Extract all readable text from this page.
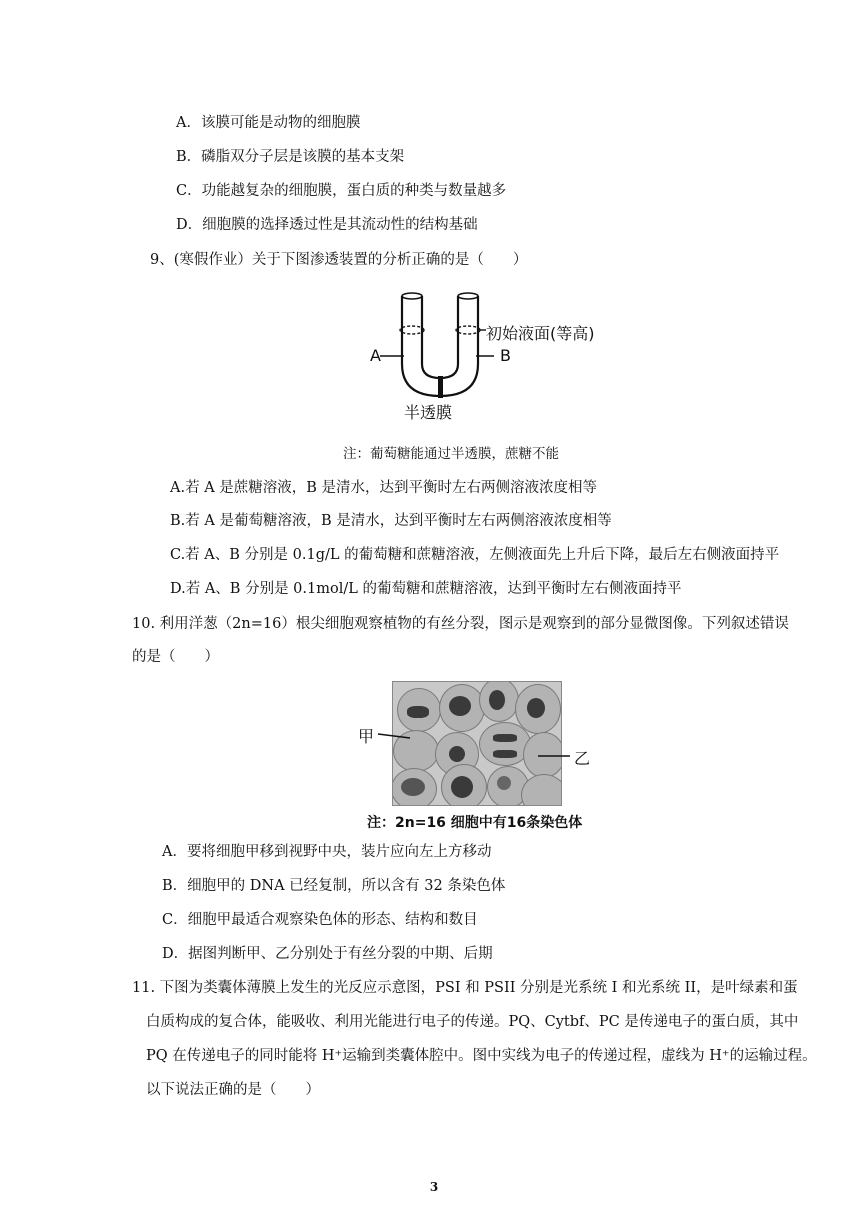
A．该膜可能是动物的细胞膜
B．磷脂双分子层是该膜的基本支架
C．功能越复杂的细胞膜，蛋白质的种类与数量越多
D．细胞膜的选择透过性是其流动性的结构基础
9、(寒假作业）关于下图渗透装置的分析正确的是（　　）
A	B
初始液面(等高)
半透膜
注：葡萄糖能通过半透膜，蔗糖不能
A.若 A 是蔗糖溶液，B 是清水，达到平衡时左右两侧溶液浓度相等
B.若 A 是葡萄糖溶液，B 是清水，达到平衡时左右两侧溶液浓度相等
C.若 A、B 分别是 0.1g/L 的葡萄糖和蔗糖溶液，左侧液面先上升后下降，最后左右侧液面持平
D.若 A、B 分别是 0.1mol/L 的葡萄糖和蔗糖溶液，达到平衡时左右侧液面持平
10. 利用洋葱（2n=16）根尖细胞观察植物的有丝分裂，图示是观察到的部分显微图像。下列叙述错误
的是（　　）
甲
乙
注：2n=16 细胞中有16条染色体
A．要将细胞甲移到视野中央，装片应向左上方移动
B．细胞甲的 DNA 已经复制，所以含有 32 条染色体
C．细胞甲最适合观察染色体的形态、结构和数目
D．据图判断甲、乙分别处于有丝分裂的中期、后期
11. 下图为类囊体薄膜上发生的光反应示意图，PSI 和 PSII 分别是光系统 I 和光系统 II，是叶绿素和蛋
白质构成的复合体，能吸收、利用光能进行电子的传递。PQ、Cytbf、PC 是传递电子的蛋白质，其中
PQ 在传递电子的同时能将 H⁺运输到类囊体腔中。图中实线为电子的传递过程，虚线为 H⁺的运输过程。
以下说法正确的是（　　）
3
